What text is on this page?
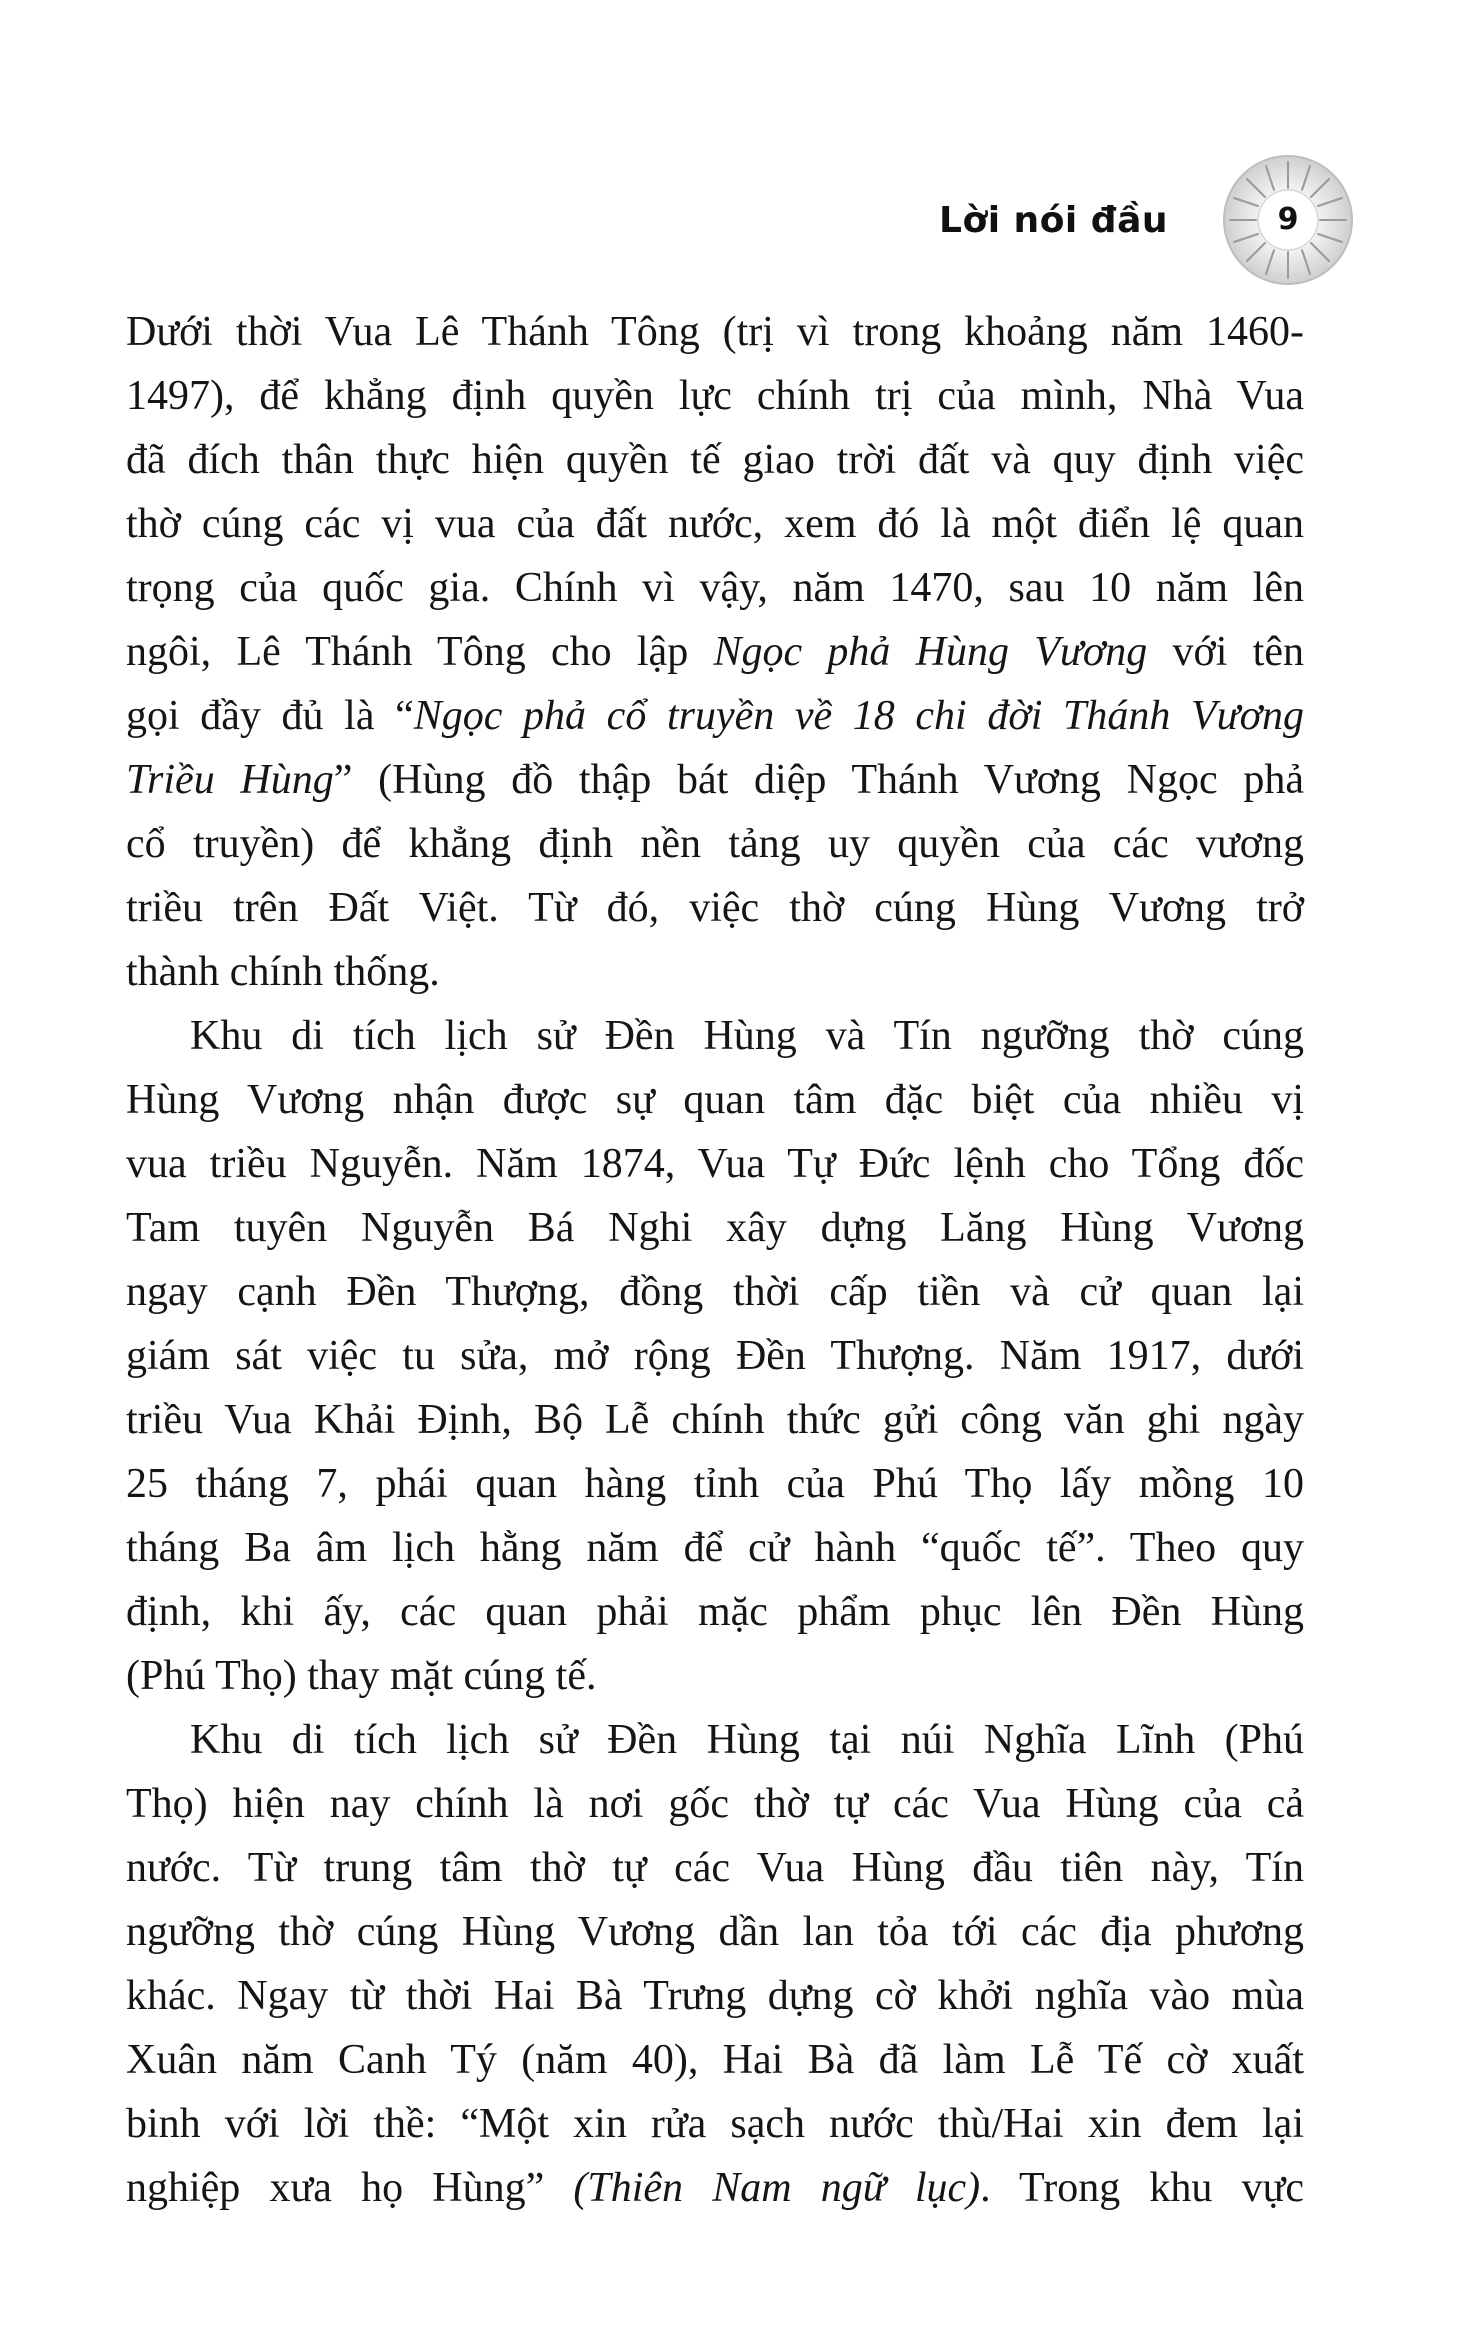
Lời nói đầu	9

Dưới thời Vua Lê Thánh Tông (trị vì trong khoảng năm 1460-
1497), để khẳng định quyền lực chính trị của mình, Nhà Vua
đã đích thân thực hiện quyền tế giao trời đất và quy định việc
thờ cúng các vị vua của đất nước, xem đó là một điển lệ quan
trọng của quốc gia. Chính vì vậy, năm 1470, sau 10 năm lên
ngôi, Lê Thánh Tông cho lập Ngọc phả Hùng Vương với tên
gọi đầy đủ là “Ngọc phả cổ truyền về 18 chi đời Thánh Vương
Triều Hùng” (Hùng đồ thập bát diệp Thánh Vương Ngọc phả
cổ truyền) để khẳng định nền tảng uy quyền của các vương
triều trên Đất Việt. Từ đó, việc thờ cúng Hùng Vương trở
thành chính thống.

Khu di tích lịch sử Đền Hùng và Tín ngưỡng thờ cúng
Hùng Vương nhận được sự quan tâm đặc biệt của nhiều vị
vua triều Nguyễn. Năm 1874, Vua Tự Đức lệnh cho Tổng đốc
Tam tuyên Nguyễn Bá Nghi xây dựng Lăng Hùng Vương
ngay cạnh Đền Thượng, đồng thời cấp tiền và cử quan lại
giám sát việc tu sửa, mở rộng Đền Thượng. Năm 1917, dưới
triều Vua Khải Định, Bộ Lễ chính thức gửi công văn ghi ngày
25 tháng 7, phái quan hàng tỉnh của Phú Thọ lấy mồng 10
tháng Ba âm lịch hằng năm để cử hành “quốc tế”. Theo quy
định, khi ấy, các quan phải mặc phẩm phục lên Đền Hùng
(Phú Thọ) thay mặt cúng tế.

Khu di tích lịch sử Đền Hùng tại núi Nghĩa Lĩnh (Phú
Thọ) hiện nay chính là nơi gốc thờ tự các Vua Hùng của cả
nước. Từ trung tâm thờ tự các Vua Hùng đầu tiên này, Tín
ngưỡng thờ cúng Hùng Vương dần lan tỏa tới các địa phương
khác. Ngay từ thời Hai Bà Trưng dựng cờ khởi nghĩa vào mùa
Xuân năm Canh Tý (năm 40), Hai Bà đã làm Lễ Tế cờ xuất
binh với lời thề: “Một xin rửa sạch nước thù/Hai xin đem lại
nghiệp xưa họ Hùng” (Thiên Nam ngữ lục). Trong khu vực
